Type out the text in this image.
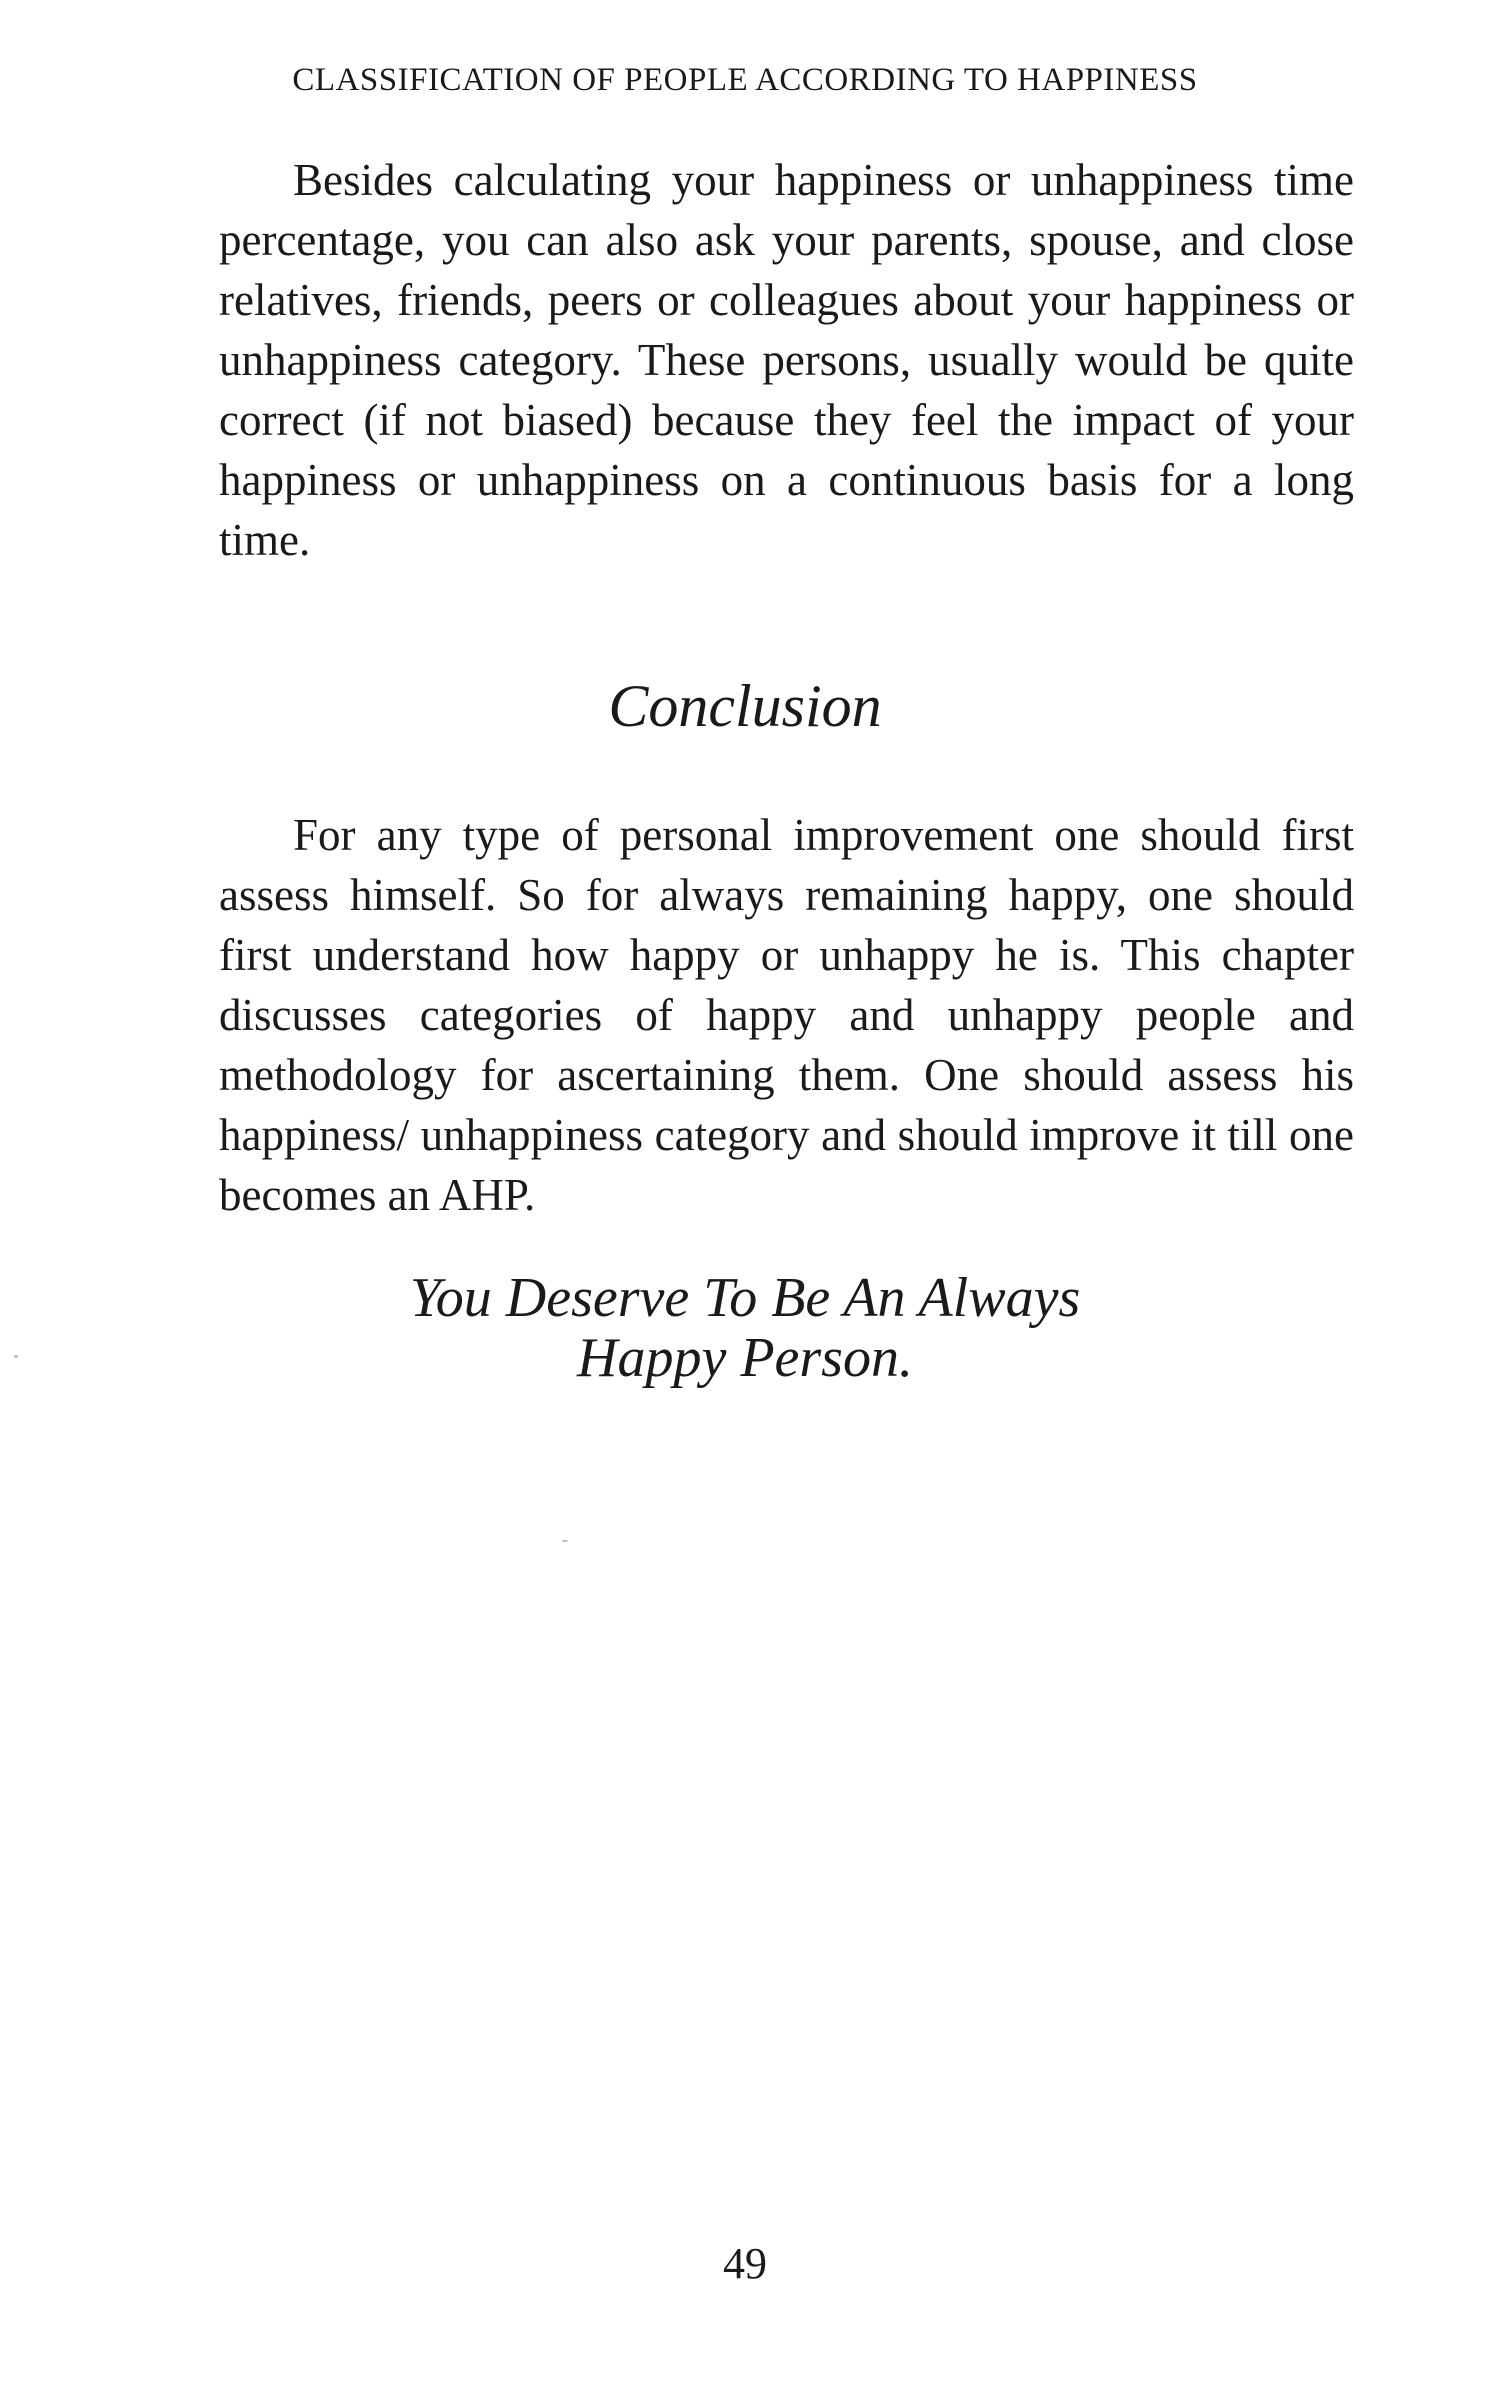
CLASSIFICATION OF PEOPLE ACCORDING TO HAPPINESS

Besides calculating your happiness or unhappiness time percentage, you can also ask your parents, spouse, and close relatives, friends, peers or colleagues about your happiness or unhappiness category. These persons, usually would be quite correct (if not biased) because they feel the impact of your happiness or unhappiness on a continuous basis for a long time.

Conclusion

For any type of personal improvement one should first assess himself. So for always remaining happy, one should first understand how happy or unhappy he is. This chapter discusses categories of happy and unhappy people and methodology for ascertaining them. One should assess his happiness/ unhappiness category and should improve it till one becomes an AHP.

You Deserve To Be An Always
Happy Person.
49
